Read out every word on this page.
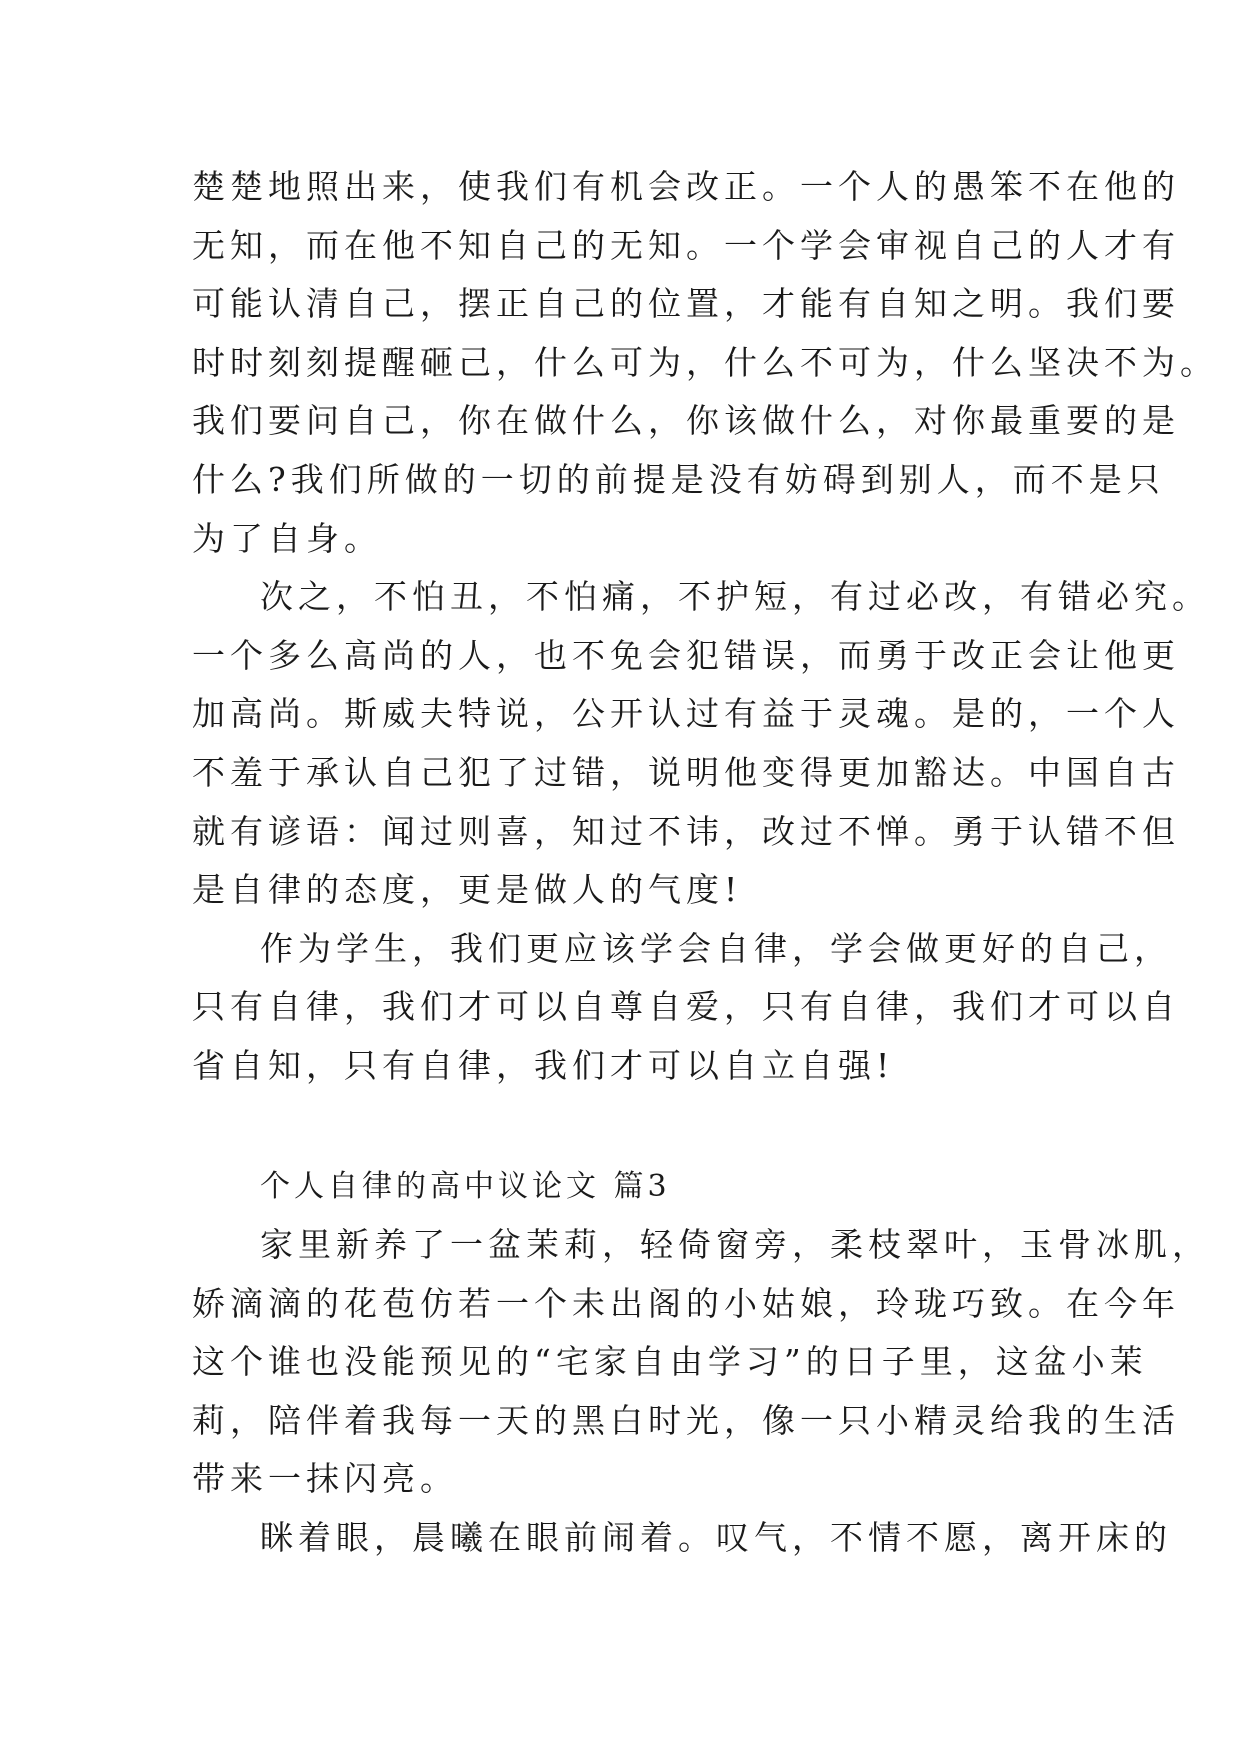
楚楚地照出来，使我们有机会改正。一个人的愚笨不在他的
无知，而在他不知自己的无知。一个学会审视自己的人才有
可能认清自己，摆正自己的位置，才能有自知之明。我们要
时时刻刻提醒砸己，什么可为，什么不可为，什么坚决不为。
我们要问自己，你在做什么，你该做什么，对你最重要的是
什么?我们所做的一切的前提是没有妨碍到别人，而不是只
为了自身。
次之，不怕丑，不怕痛，不护短，有过必改，有错必究。
一个多么高尚的人，也不免会犯错误，而勇于改正会让他更
加高尚。斯威夫特说，公开认过有益于灵魂。是的，一个人
不羞于承认自己犯了过错，说明他变得更加豁达。中国自古
就有谚语：闻过则喜，知过不讳，改过不惮。勇于认错不但
是自律的态度，更是做人的气度!
作为学生，我们更应该学会自律，学会做更好的自己，
只有自律，我们才可以自尊自爱，只有自律，我们才可以自
省自知，只有自律，我们才可以自立自强!
个人自律的高中议论文 篇3
家里新养了一盆茉莉，轻倚窗旁，柔枝翠叶，玉骨冰肌，
娇滴滴的花苞仿若一个未出阁的小姑娘，玲珑巧致。在今年
这个谁也没能预见的“宅家自由学习”的日子里，这盆小茉
莉，陪伴着我每一天的黑白时光，像一只小精灵给我的生活
带来一抹闪亮。
眯着眼，晨曦在眼前闹着。叹气，不情不愿，离开床的
